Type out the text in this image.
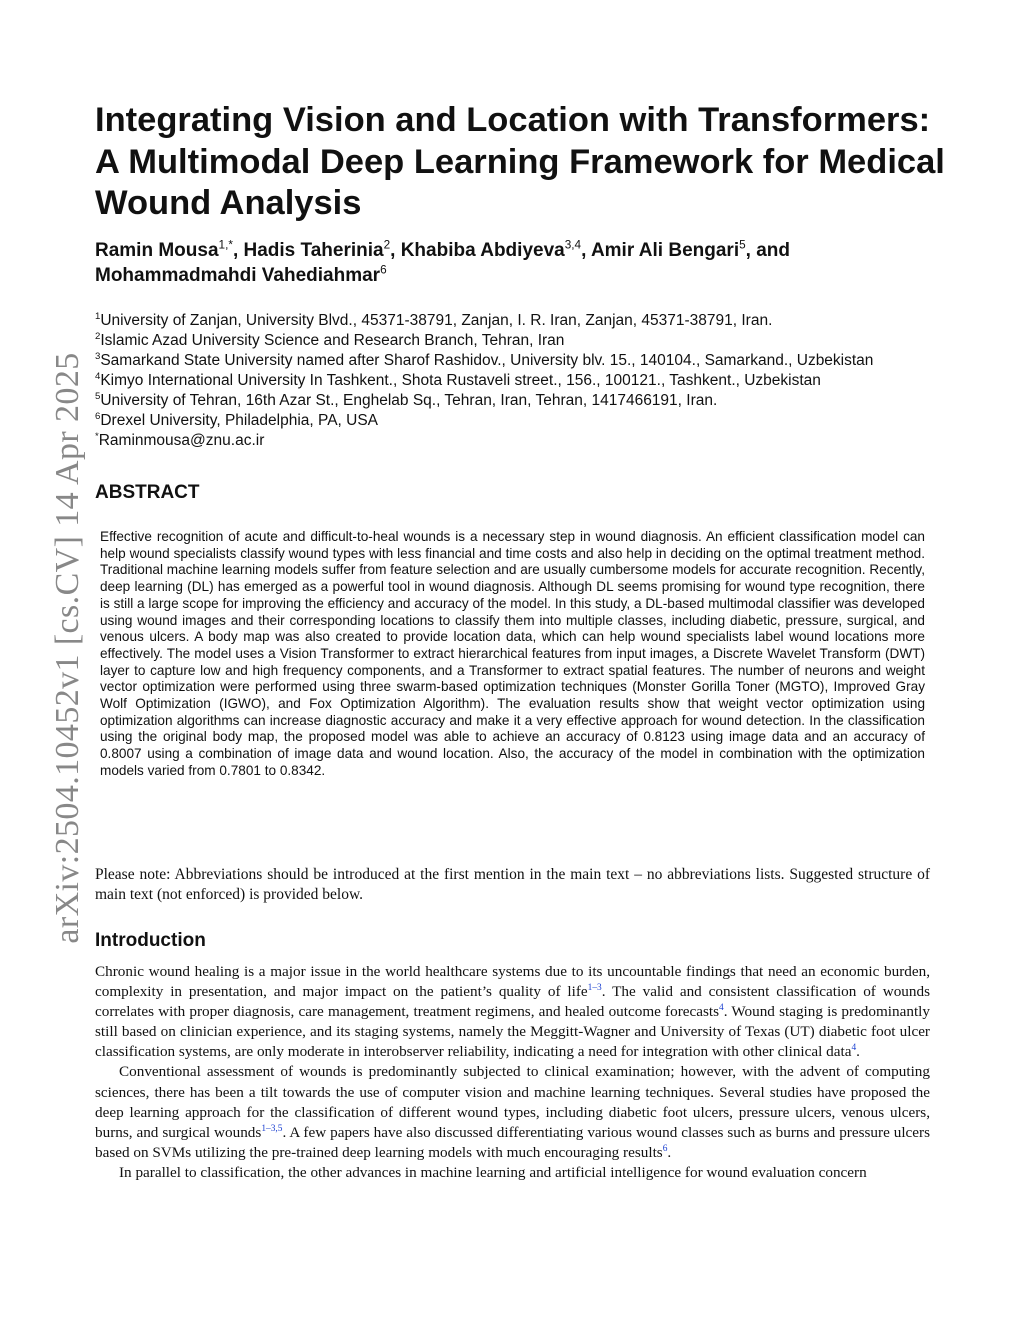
arXiv:2504.10452v1 [cs.CV] 14 Apr 2025
Integrating Vision and Location with Transformers: A Multimodal Deep Learning Framework for Medical Wound Analysis
Ramin Mousa$^{1,*}$, Hadis Taherinia$^2$, Khabiba Abdiyeva$^{3,4}$, Amir Ali Bengari$^5$, and
Mohammadmahdi Vahediahmar$^6$
$^1$University of Zanjan, University Blvd., 45371-38791, Zanjan, I. R. Iran, Zanjan, 45371-38791, Iran.
$^2$Islamic Azad University Science and Research Branch, Tehran, Iran
$^3$Samarkand State University named after Sharof Rashidov., University blv. 15., 140104., Samarkand., Uzbekistan
$^4$Kimyo International University In Tashkent., Shota Rustaveli street., 156., 100121., Tashkent., Uzbekistan
$^5$University of Tehran, 16th Azar St., Enghelab Sq., Tehran, Iran, Tehran, 1417466191, Iran.
$^6$Drexel University, Philadelphia, PA, USA
*Raminmousa@znu.ac.ir
ABSTRACT

Effective recognition of acute and difficult-to-heal wounds is a necessary step in wound diagnosis. An efficient classification model can help wound specialists classify wound types with less financial and time costs and also help in deciding on the optimal treatment method. Traditional machine learning models suffer from feature selection and are usually cumbersome models for accurate recognition. Recently, deep learning (DL) has emerged as a powerful tool in wound diagnosis. Although DL seems promising for wound type recognition, there is still a large scope for improving the efficiency and accuracy of the model. In this study, a DL-based multimodal classifier was developed using wound images and their corresponding locations to classify them into multiple classes, including diabetic, pressure, surgical, and venous ulcers. A body map was also created to provide location data, which can help wound specialists label wound locations more effectively. The model uses a Vision Transformer to extract hierarchical features from input images, a Discrete Wavelet Transform (DWT) layer to capture low and high frequency components, and a Transformer to extract spatial features. The number of neurons and weight vector optimization were performed using three swarm-based optimization techniques (Monster Gorilla Toner (MGTO), Improved Gray Wolf Optimization (IGWO), and Fox Optimization Algorithm). The evaluation results show that weight vector optimization using optimization algorithms can increase diagnostic accuracy and make it a very effective approach for wound detection. In the classification using the original body map, the proposed model was able to achieve an accuracy of 0.8123 using image data and an accuracy of 0.8007 using a combination of image data and wound location. Also, the accuracy of the model in combination with the optimization models varied from 0.7801 to 0.8342.

Please note: Abbreviations should be introduced at the first mention in the main text – no abbreviations lists. Suggested structure of main text (not enforced) is provided below.

Introduction

Chronic wound healing is a major issue in the world healthcare systems due to its uncountable findings that need an economic burden, complexity in presentation, and major impact on the patient’s quality of life$^{1-3}$. The valid and consistent classification of wounds correlates with proper diagnosis, care management, treatment regimens, and healed outcome forecasts$^4$. Wound staging is predominantly still based on clinician experience, and its staging systems, namely the Meggitt-Wagner and University of Texas (UT) diabetic foot ulcer classification systems, are only moderate in interobserver reliability, indicating a need for integration with other clinical data$^4$.

Conventional assessment of wounds is predominantly subjected to clinical examination; however, with the advent of computing sciences, there has been a tilt towards the use of computer vision and machine learning techniques. Several studies have proposed the deep learning approach for the classification of different wound types, including diabetic foot ulcers, pressure ulcers, venous ulcers, burns, and surgical wounds$^{1-3,5}$. A few papers have also discussed differentiating various wound classes such as burns and pressure ulcers based on SVMs utilizing the pre-trained deep learning models with much encouraging results$^6$.

In parallel to classification, the other advances in machine learning and artificial intelligence for wound evaluation concern
